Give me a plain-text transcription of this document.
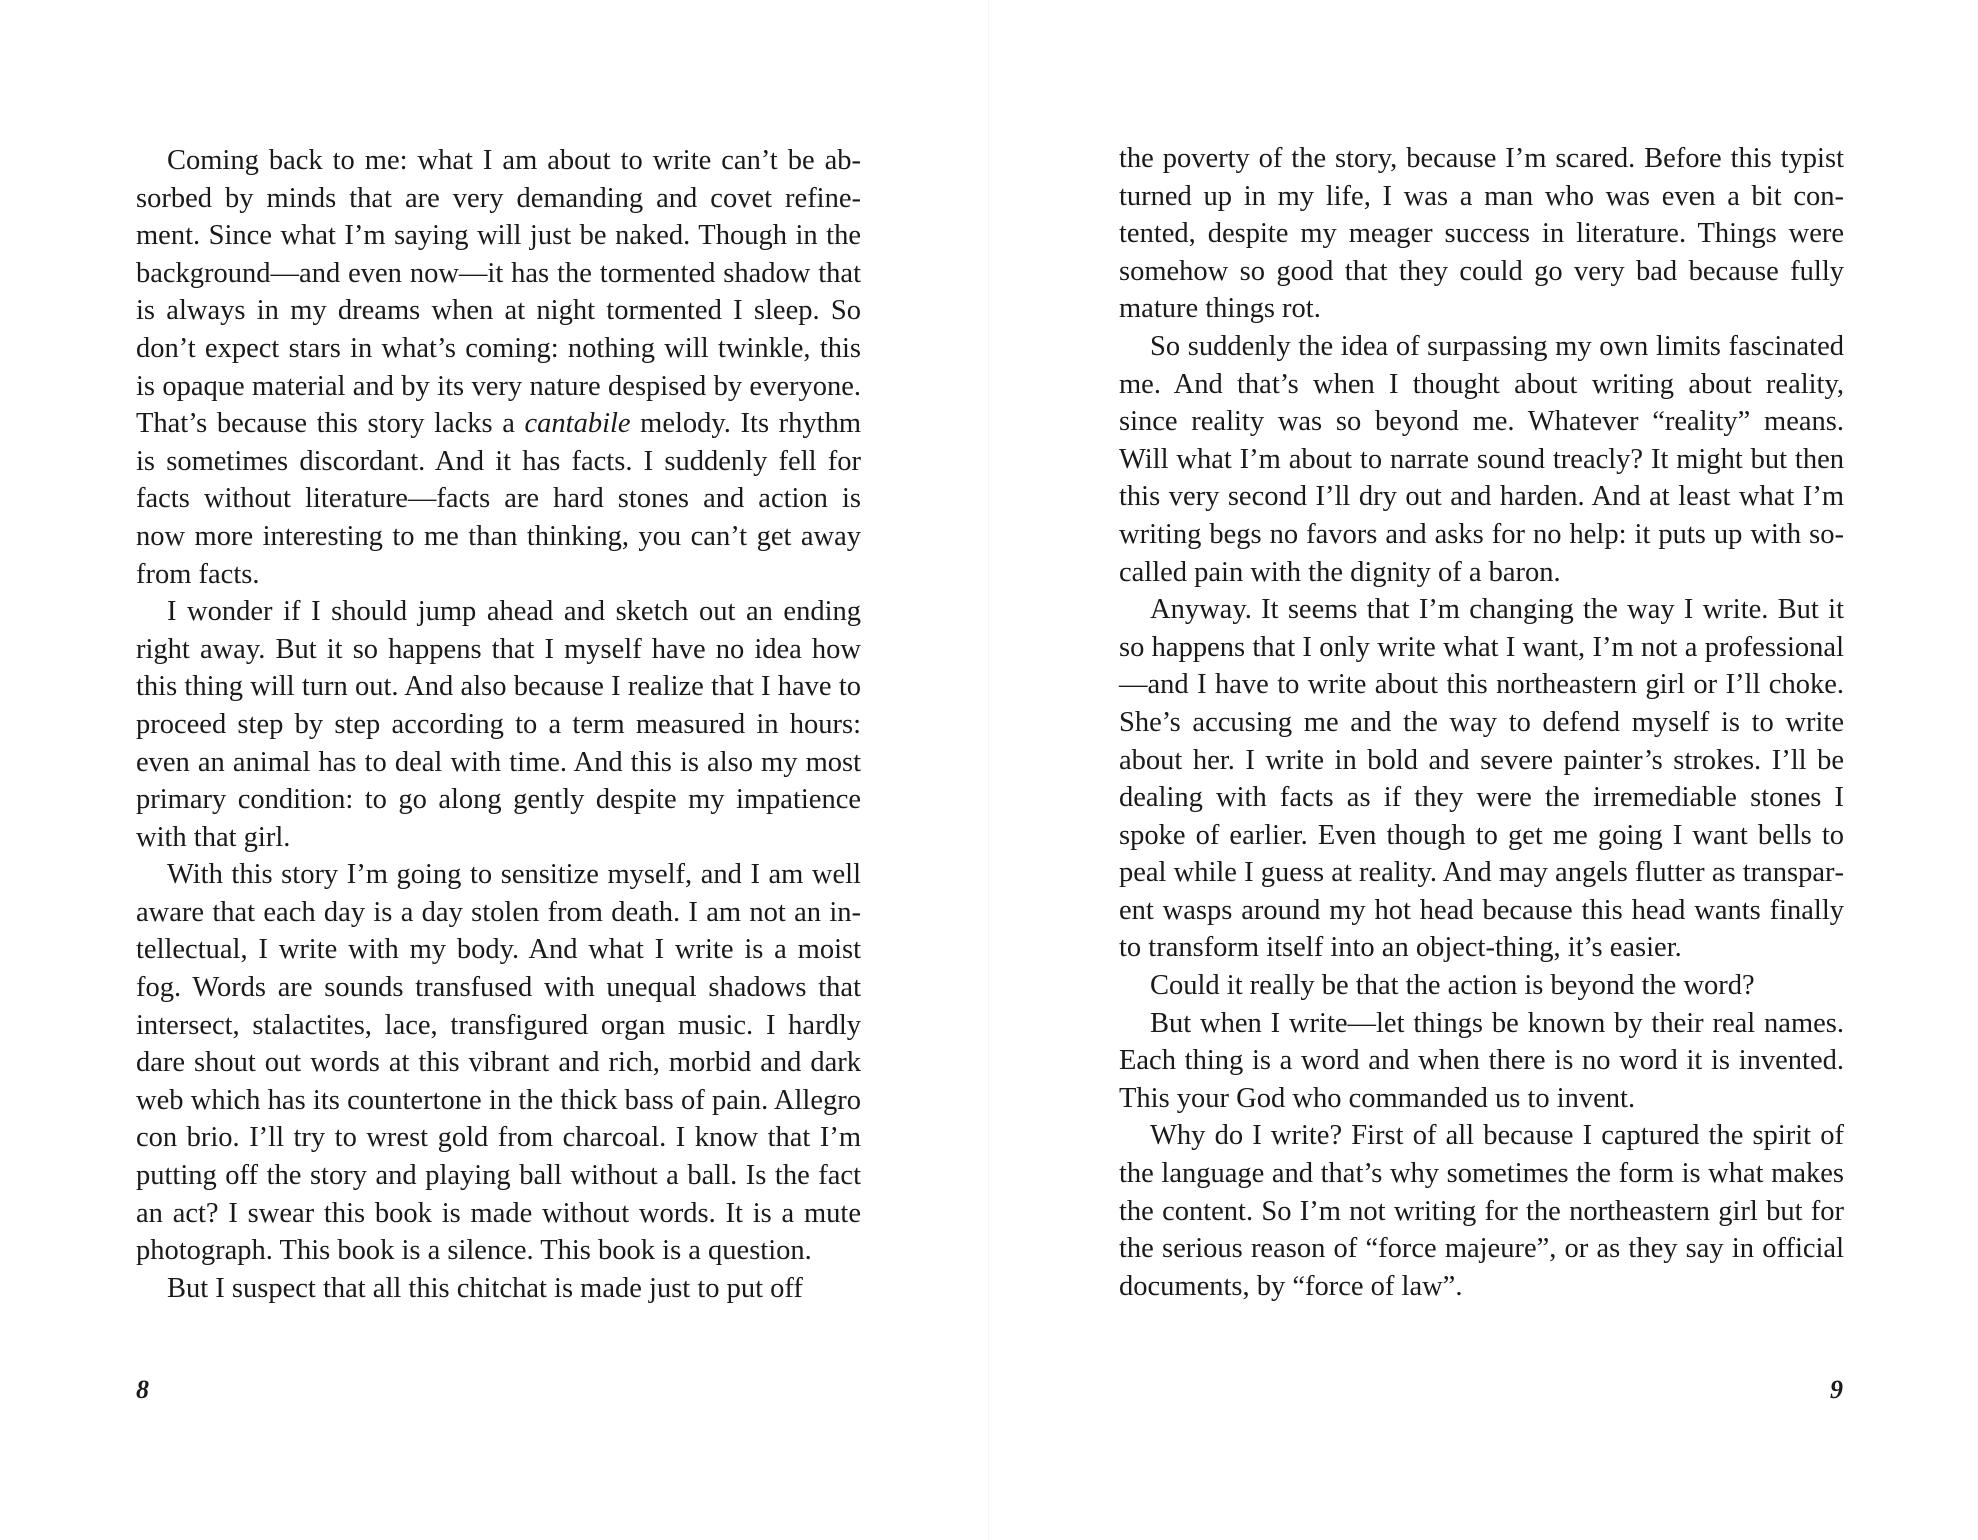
Coming back to me: what I am about to write can’t be absorbed by minds that are very demanding and covet refinement. Since what I’m saying will just be naked. Though in the background—and even now—it has the tormented shadow that is always in my dreams when at night tormented I sleep. So don’t expect stars in what’s coming: nothing will twinkle, this is opaque material and by its very nature despised by everyone. That’s because this story lacks a cantabile melody. Its rhythm is sometimes discordant. And it has facts. I suddenly fell for facts without literature—facts are hard stones and action is now more interesting to me than thinking, you can’t get away from facts.

I wonder if I should jump ahead and sketch out an ending right away. But it so happens that I myself have no idea how this thing will turn out. And also because I realize that I have to proceed step by step according to a term measured in hours: even an animal has to deal with time. And this is also my most primary condition: to go along gently despite my impatience with that girl.

With this story I’m going to sensitize myself, and I am well aware that each day is a day stolen from death. I am not an intellectual, I write with my body. And what I write is a moist fog. Words are sounds transfused with unequal shadows that intersect, stalactites, lace, transfigured organ music. I hardly dare shout out words at this vibrant and rich, morbid and dark web which has its countertone in the thick bass of pain. Allegro con brio. I’ll try to wrest gold from charcoal. I know that I’m putting off the story and playing ball without a ball. Is the fact an act? I swear this book is made without words. It is a mute photograph. This book is a silence. This book is a question.

But I suspect that all this chitchat is made just to put off

8

the poverty of the story, because I’m scared. Before this typist turned up in my life, I was a man who was even a bit contented, despite my meager success in literature. Things were somehow so good that they could go very bad because fully mature things rot.

So suddenly the idea of surpassing my own limits fascinated me. And that’s when I thought about writing about reality, since reality was so beyond me. Whatever “reality” means. Will what I’m about to narrate sound treacly? It might but then this very second I’ll dry out and harden. And at least what I’m writing begs no favors and asks for no help: it puts up with so-called pain with the dignity of a baron.

Anyway. It seems that I’m changing the way I write. But it so happens that I only write what I want, I’m not a professional—and I have to write about this northeastern girl or I’ll choke. She’s accusing me and the way to defend myself is to write about her. I write in bold and severe painter’s strokes. I’ll be dealing with facts as if they were the irremediable stones I spoke of earlier. Even though to get me going I want bells to peal while I guess at reality. And may angels flutter as transparent wasps around my hot head because this head wants finally to transform itself into an object-thing, it’s easier.

Could it really be that the action is beyond the word?

But when I write—let things be known by their real names. Each thing is a word and when there is no word it is invented. This your God who commanded us to invent.

Why do I write? First of all because I captured the spirit of the language and that’s why sometimes the form is what makes the content. So I’m not writing for the northeastern girl but for the serious reason of “force majeure”, or as they say in official documents, by “force of law”.

9
